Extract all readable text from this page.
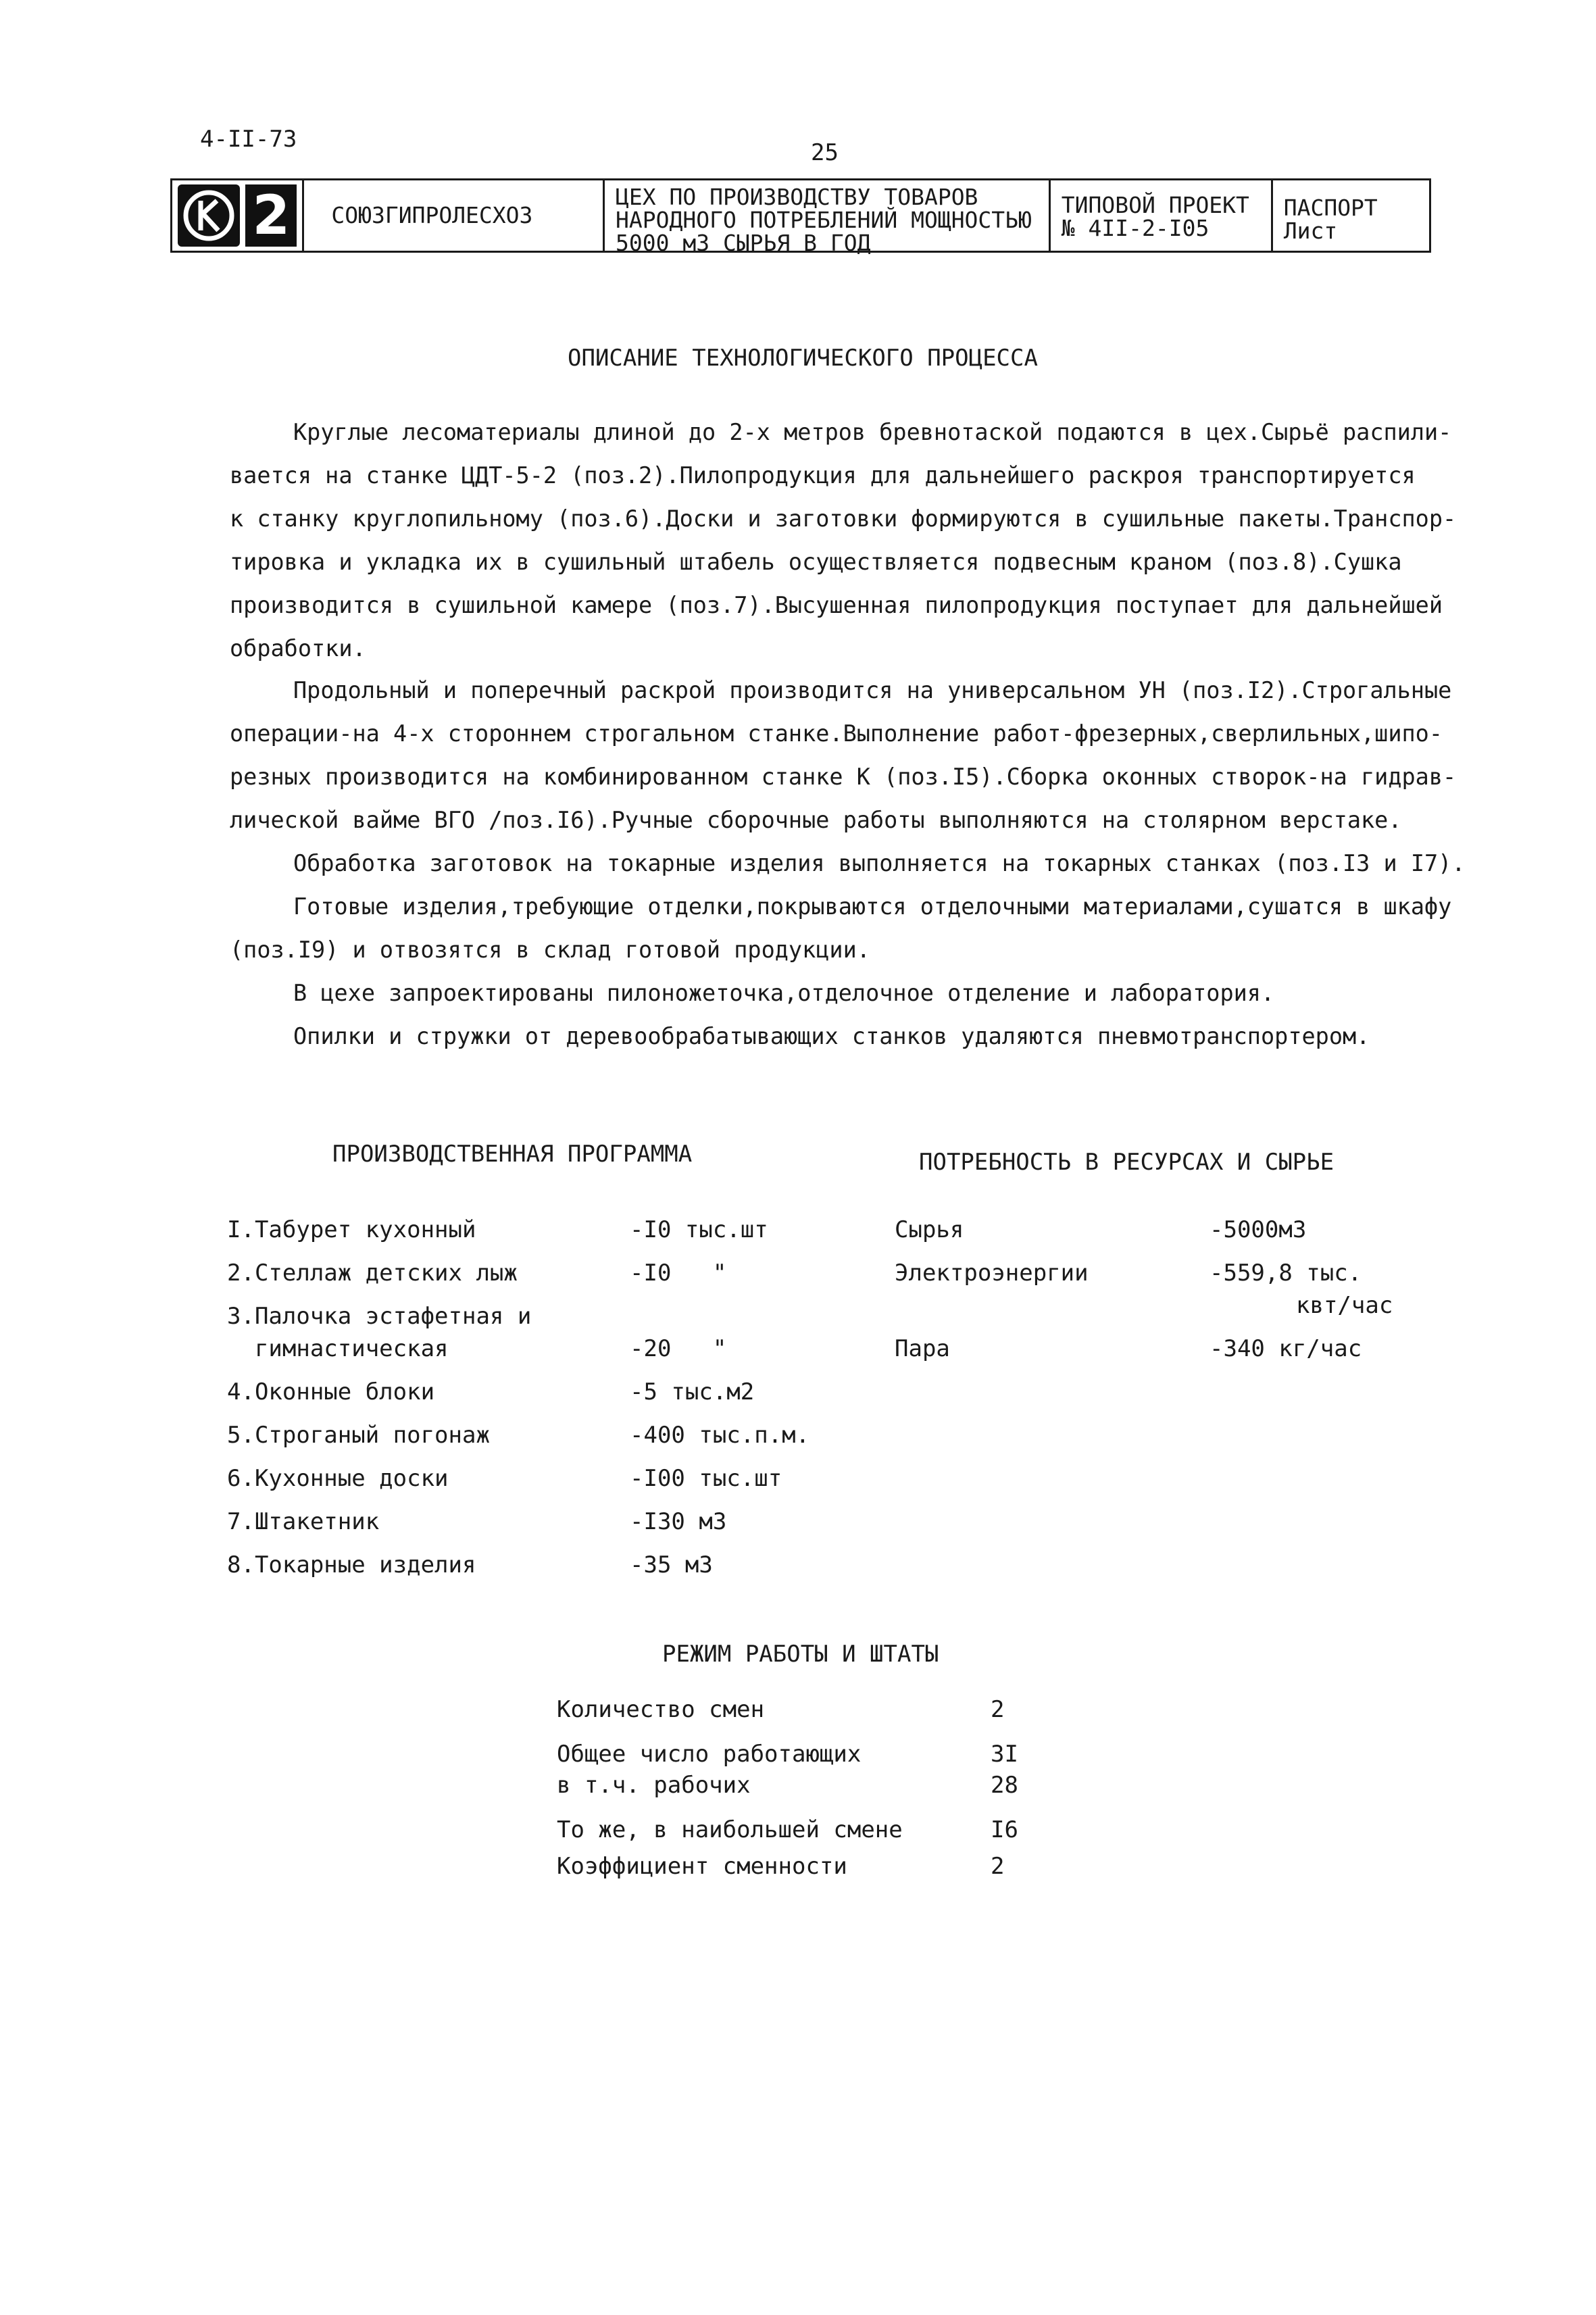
4-II-73	25
2	СОЮЗГИПРОЛЕСХОЗ
ЦЕХ ПО ПРОИЗВОДСТВУ ТОВАРОВ
НАРОДНОГО ПОТРЕБЛЕНИЙ МОЩНОСТЬЮ
5000 м3 СЫРЬЯ В ГОД
ТИПОВОЙ ПРОЕКТ
№ 4II-2-I05
ПАСПОРТ
Лист
ОПИСАНИЕ ТЕХНОЛОГИЧЕСКОГО ПРОЦЕССА
Круглые лесоматериалы длиной до 2-х метров бревнотаской подаются в цех.Сырьё распили-
вается на станке ЦДТ-5-2 (поз.2).Пилопродукция для дальнейшего раскроя транспортируется
к станку круглопильному (поз.6).Доски и заготовки формируются в сушильные пакеты.Транспор-
тировка и укладка их в сушильный штабель осуществляется подвесным краном (поз.8).Сушка
производится в сушильной камере (поз.7).Высушенная пилопродукция поступает для дальнейшей
обработки.
Продольный и поперечный раскрой производится на универсальном УН (поз.I2).Строгальные
операции-на 4-х стороннем строгальном станке.Выполнение работ-фрезерных,сверлильных,шипо-
резных производится на комбинированном станке К (поз.I5).Сборка оконных створок-на гидрав-
лической вайме ВГО /поз.I6).Ручные сборочные работы выполняются на столярном верстаке.
Обработка заготовок на токарные изделия выполняется на токарных станках (поз.I3 и I7).
Готовые изделия,требующие отделки,покрываются отделочными материалами,сушатся в шкафу
(поз.I9) и отвозятся в склад готовой продукции.
В цехе запроектированы пилоножеточка,отделочное отделение и лаборатория.
Опилки и стружки от деревообрабатывающих станков удаляются пневмотранспортером.
ПРОИЗВОДСТВЕННАЯ ПРОГРАММА
I.Табурет кухонный	-I0 тыс.шт
2.Стеллаж детских лыж	-I0   "
3.Палочка эстафетная и
гимнастическая	-20   "
4.Оконные блоки	-5 тыс.м2
5.Строганый погонаж	-400 тыс.п.м.
6.Кухонные доски	-I00 тыс.шт
7.Штакетник	-I30 м3
8.Токарные изделия	-35 м3
ПОТРЕБНОСТЬ В РЕСУРСАХ И СЫРЬЕ
Сырья	-5000м3
Электроэнергии	-559,8 тыс.
квт/час
Пара	-340 кг/час
РЕЖИМ РАБОТЫ И ШТАТЫ
Количество смен	2
Общее число работающих	3I
в т.ч. рабочих	28
То же, в наибольшей смене	I6
Коэффициент сменности	2
